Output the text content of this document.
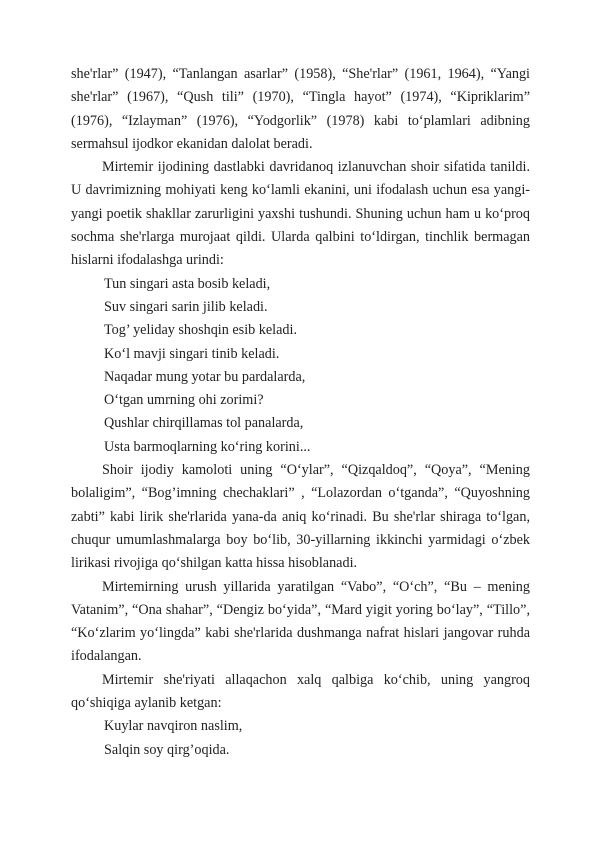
she'rlar” (1947), “Tanlangan asarlar” (1958), “She'rlar” (1961, 1964), “Yangi she'rlar” (1967), “Qush tili” (1970), “Tingla hayot” (1974), “Kipriklarim” (1976), “Izlayman” (1976), “Yodgorlik” (1978) kabi to‘plamlari adibning sermahsul ijodkor ekanidan dalolat beradi.

Mirtemir ijodining dastlabki davridanoq izlanuvchan shoir sifatida tanildi. U davrimizning mohiyati keng ko‘lamli ekanini, uni ifodalash uchun esa yangi-yangi poetik shakllar zarurligini yaxshi tushundi. Shuning uchun ham u ko‘proq sochma she'rlarga murojaat qildi. Ularda qalbini to‘ldirgan, tinchlik bermagan hislarni ifodalashga urindi:

Tun singari asta bosib keladi,

Suv singari sarin jilib keladi.

Tog’ yeliday shoshqin esib keladi.

Ko‘l mavji singari tinib keladi.

Naqadar mung yotar bu pardalarda,

O‘tgan umrning ohi zorimi?

Qushlar chirqillamas tol panalarda,

Usta barmoqlarning ko‘ring korini...

Shoir ijodiy kamoloti uning “O‘ylar”, “Qizqaldoq”, “Qoya”, “Mening bolaligim”, “Bog’imning chechaklari” , “Lolazordan o‘tganda”, “Quyoshning zabti” kabi lirik she'rlarida yana-da aniq ko‘rinadi. Bu she'rlar shiraga to‘lgan, chuqur umumlashmalarga boy bo‘lib, 30-yillarning ikkinchi yarmidagi o‘zbek lirikasi rivojiga qo‘shilgan katta hissa hisoblanadi.

Mirtemirning urush yillarida yaratilgan “Vabo”, “O‘ch”, “Bu – mening Vatanim”, “Ona shahar”, “Dengiz bo‘yida”, “Mard yigit yoring bo‘lay”, “Tillo”, “Ko‘zlarim yo‘lingda” kabi she'rlarida dushmanga nafrat hislari jangovar ruhda ifodalangan.

Mirtemir she'riyati allaqachon xalq qalbiga ko‘chib, uning yangroq qo‘shiqiga aylanib ketgan:

Kuylar navqiron naslim,

Salqin soy qirg’oqida.
